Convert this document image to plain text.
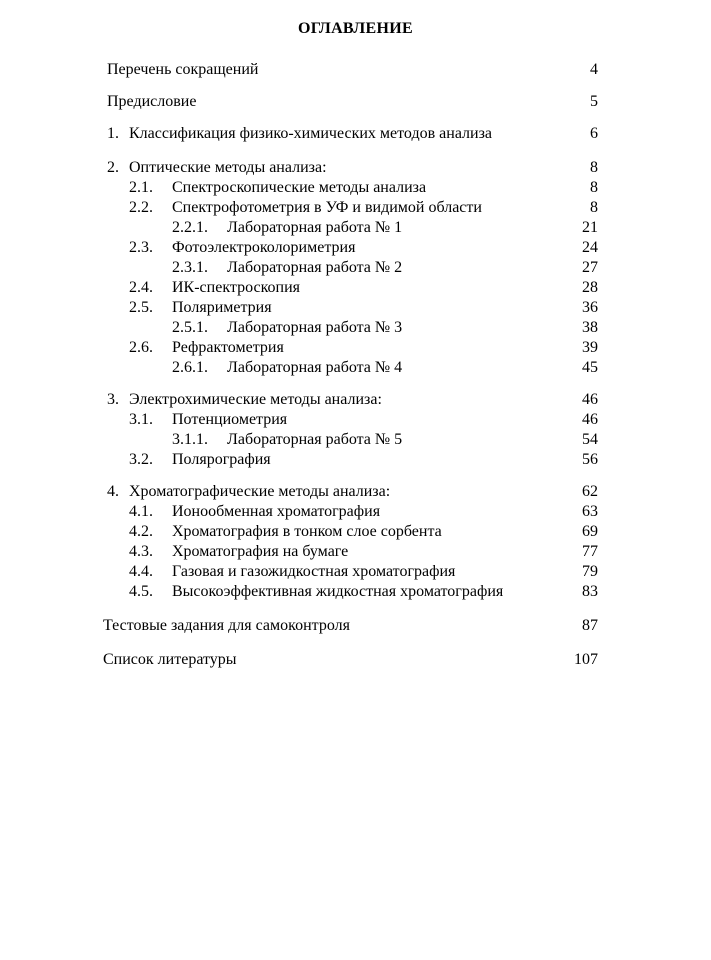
ОГЛАВЛЕНИЕ
Перечень сокращений	4
Предисловие	5
1. Классификация физико-химических методов анализа	6
2. Оптические методы анализа:	8
2.1. Спектроскопические методы анализа	8
2.2. Спектрофотометрия в УФ и видимой области	8
2.2.1. Лабораторная работа № 1	21
2.3. Фотоэлектроколориметрия	24
2.3.1. Лабораторная работа № 2	27
2.4. ИК-спектроскопия	28
2.5. Поляриметрия	36
2.5.1. Лабораторная работа № 3	38
2.6. Рефрактометрия	39
2.6.1. Лабораторная работа № 4	45
3. Электрохимические методы анализа:	46
3.1. Потенциометрия	46
3.1.1. Лабораторная работа № 5	54
3.2. Полярография	56
4. Хроматографические методы анализа:	62
4.1. Ионообменная хроматография	63
4.2. Хроматография в тонком слое сорбента	69
4.3. Хроматография на бумаге	77
4.4. Газовая и газожидкостная хроматография	79
4.5. Высокоэффективная жидкостная хроматография	83
Тестовые задания для самоконтроля	87
Список литературы	107
